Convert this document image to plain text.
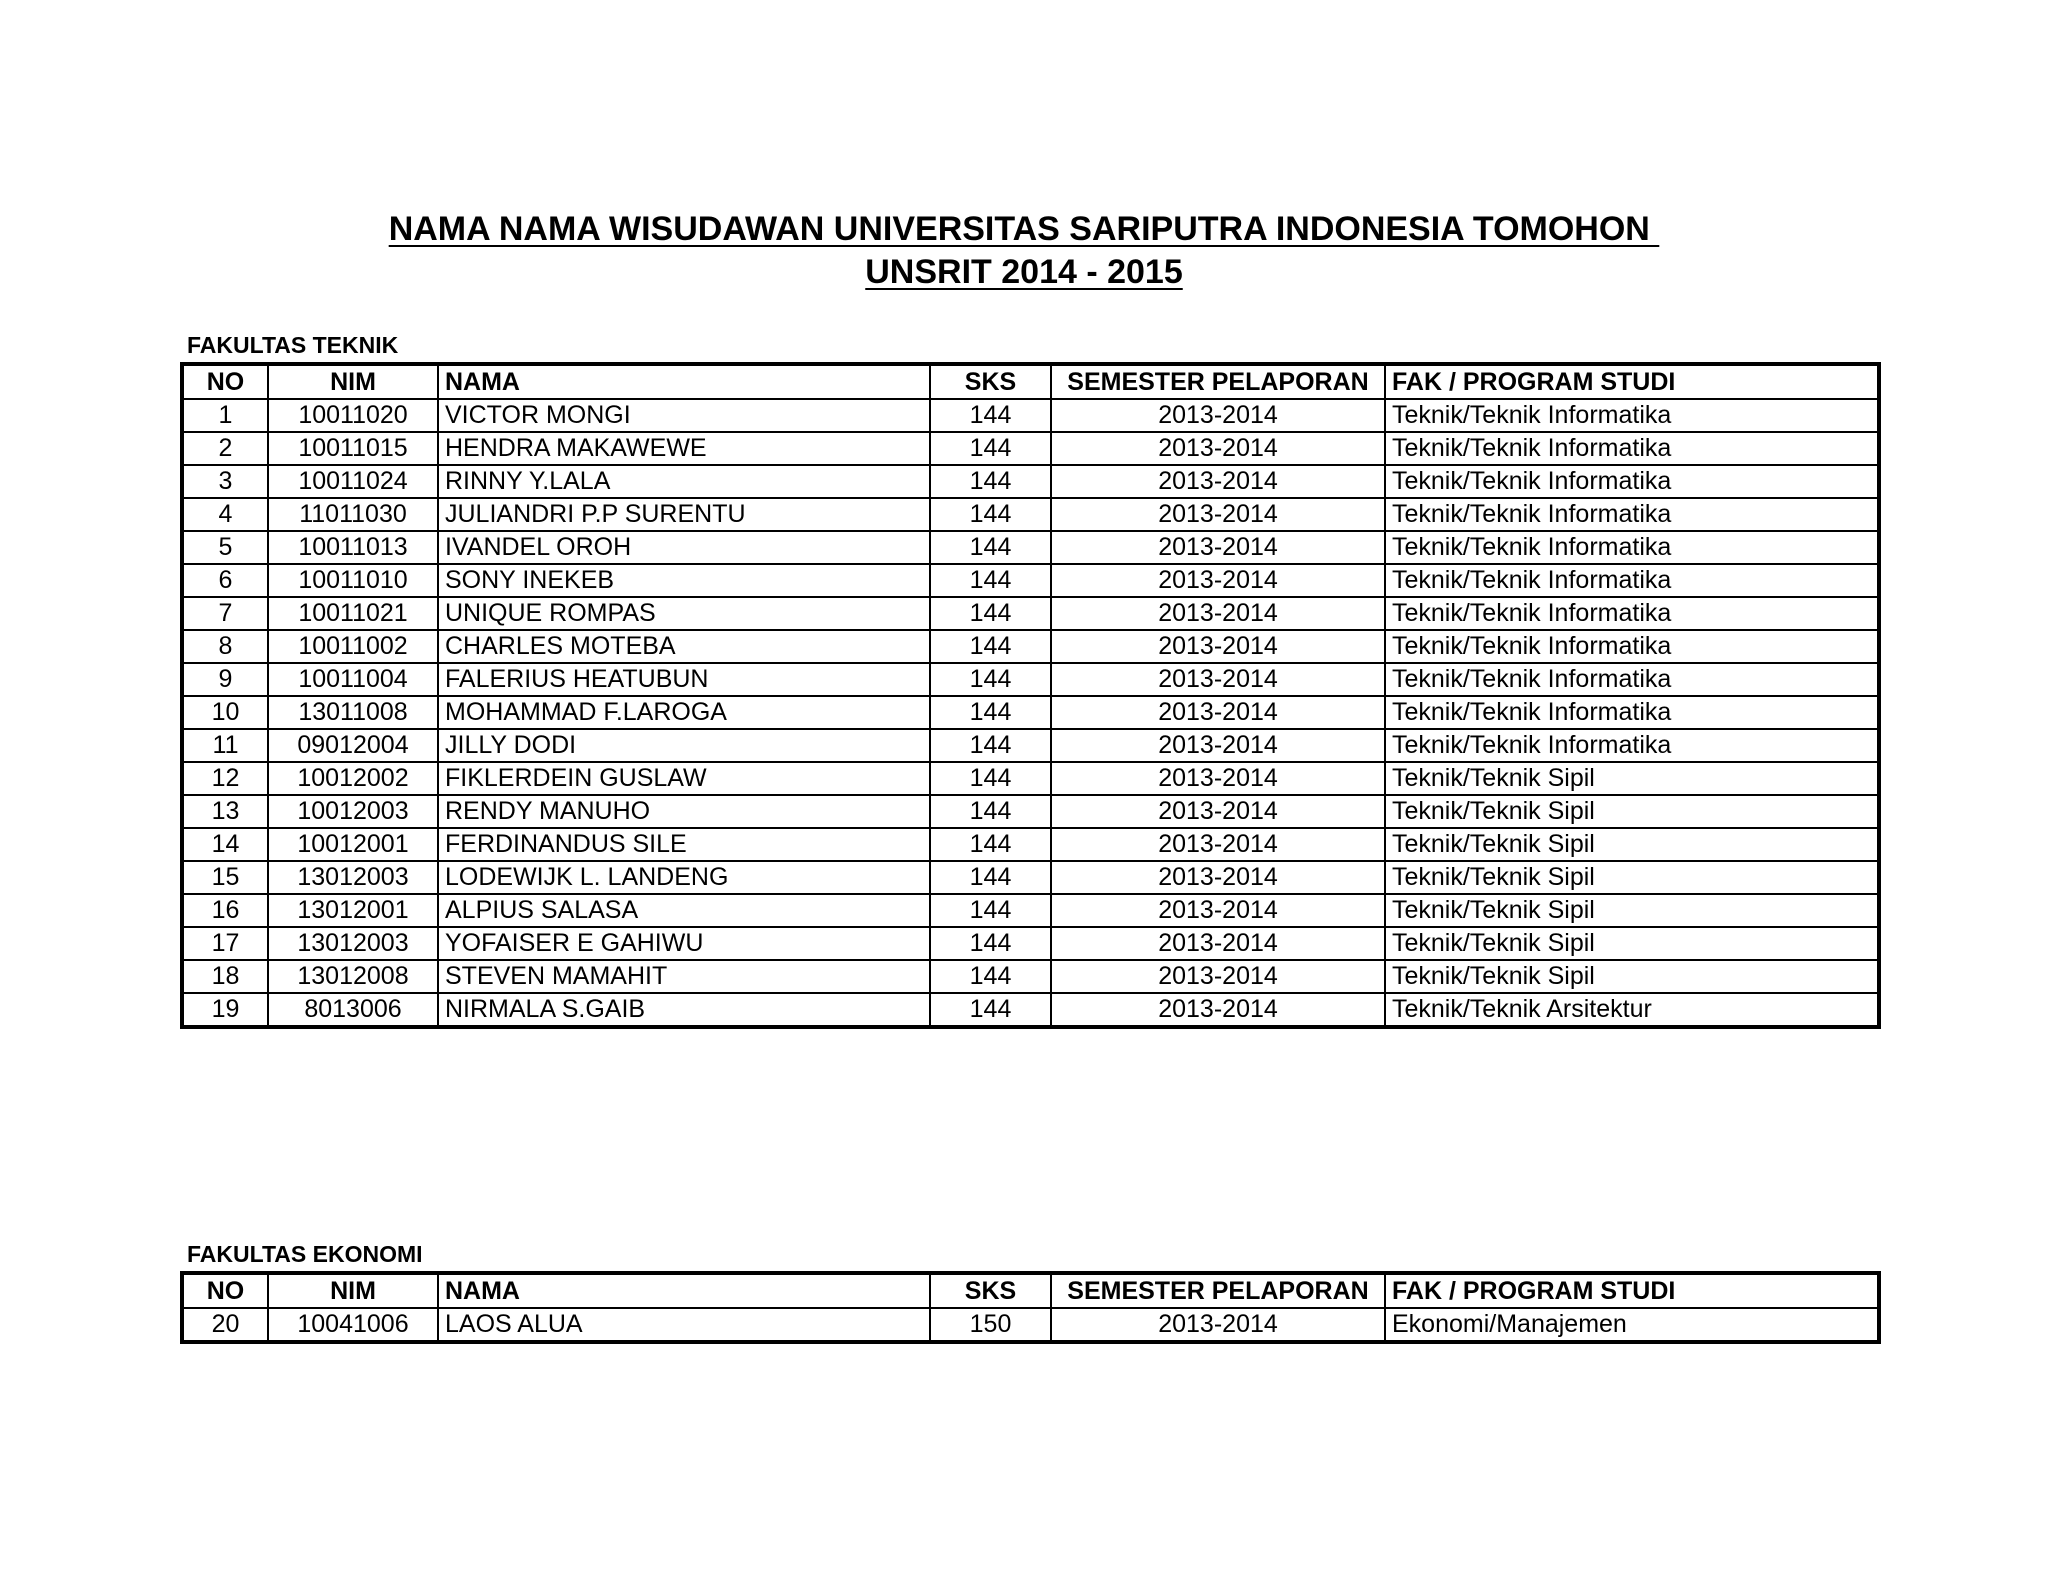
NAMA NAMA WISUDAWAN UNIVERSITAS SARIPUTRA INDONESIA TOMOHON
UNSRIT 2014 - 2015
FAKULTAS TEKNIK
NO	NIM	NAMA	SKS	SEMESTER PELAPORAN	FAK / PROGRAM STUDI
1	10011020	VICTOR MONGI	144	2013-2014	Teknik/Teknik Informatika

2	10011015	HENDRA MAKAWEWE	144	2013-2014	Teknik/Teknik Informatika

3	10011024	RINNY Y.LALA	144	2013-2014	Teknik/Teknik Informatika

4	11011030	JULIANDRI P.P SURENTU	144	2013-2014	Teknik/Teknik Informatika

5	10011013	IVANDEL OROH	144	2013-2014	Teknik/Teknik Informatika

6	10011010	SONY INEKEB	144	2013-2014	Teknik/Teknik Informatika

7	10011021	UNIQUE ROMPAS	144	2013-2014	Teknik/Teknik Informatika

8	10011002	CHARLES MOTEBA	144	2013-2014	Teknik/Teknik Informatika

9	10011004	FALERIUS HEATUBUN	144	2013-2014	Teknik/Teknik Informatika

10	13011008	MOHAMMAD F.LAROGA	144	2013-2014	Teknik/Teknik Informatika

11	09012004	JILLY DODI	144	2013-2014	Teknik/Teknik Informatika

12	10012002	FIKLERDEIN GUSLAW	144	2013-2014	Teknik/Teknik Sipil

13	10012003	RENDY MANUHO	144	2013-2014	Teknik/Teknik Sipil

14	10012001	FERDINANDUS SILE	144	2013-2014	Teknik/Teknik Sipil

15	13012003	LODEWIJK L. LANDENG	144	2013-2014	Teknik/Teknik Sipil

16	13012001	ALPIUS SALASA	144	2013-2014	Teknik/Teknik Sipil

17	13012003	YOFAISER E GAHIWU	144	2013-2014	Teknik/Teknik Sipil

18	13012008	STEVEN MAMAHIT	144	2013-2014	Teknik/Teknik Sipil

19	8013006	NIRMALA S.GAIB	144	2013-2014	Teknik/Teknik Arsitektur
FAKULTAS EKONOMI
NO	NIM	NAMA	SKS	SEMESTER PELAPORAN	FAK / PROGRAM STUDI
20	10041006	LAOS ALUA	150	2013-2014	Ekonomi/Manajemen
